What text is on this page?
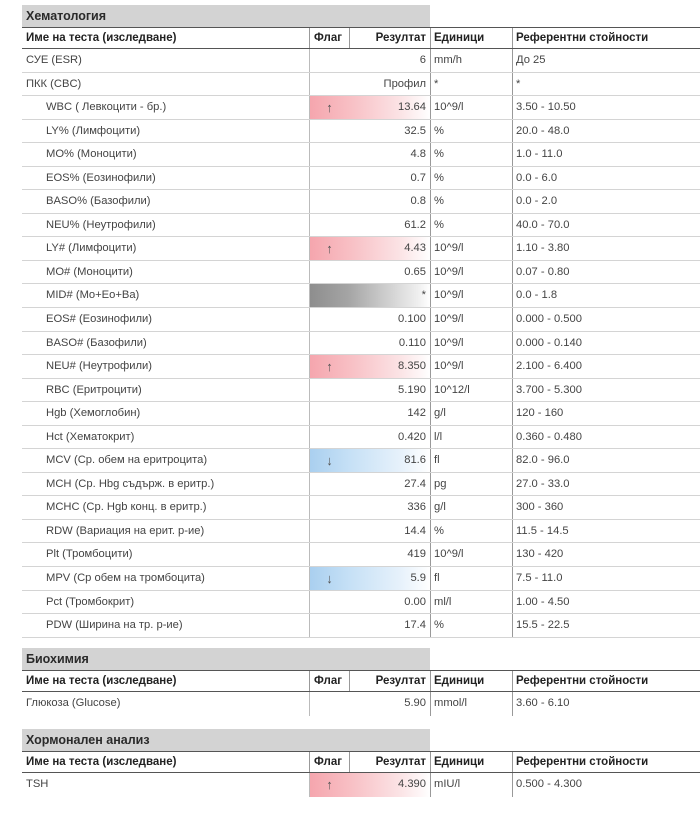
Хематология
Име на теста (изследване)	Флаг	Резултат Единици	Референтни стойности
СУЕ (ESR)	6 mm/h	До 25
ПКК (CBC)	Профил *	*
WBC ( Левкоцити - бр.)	↑	13.64 10^9/l	3.50 - 10.50
LY% (Лимфоцити)	32.5 %	20.0 - 48.0
MO% (Моноцити)	4.8 %	1.0 - 11.0
EOS% (Еозинофили)	0.7 %	0.0 - 6.0
BASO% (Базофили)	0.8 %	0.0 - 2.0
NEU% (Неутрофили)	61.2 %	40.0 - 70.0
LY# (Лимфоцити)	↑	4.43 10^9/l	1.10 - 3.80
MO# (Моноцити)	0.65 10^9/l	0.07 - 0.80
MID# (Mo+Eo+Ba)	* 10^9/l	0.0 - 1.8
EOS# (Еозинофили)	0.100 10^9/l	0.000 - 0.500
BASO# (Базофили)	0.110 10^9/l	0.000 - 0.140
NEU# (Неутрофили)	↑	8.350 10^9/l	2.100 - 6.400
RBC (Еритроцити)	5.190 10^12/l	3.700 - 5.300
Hgb (Хемоглобин)	142 g/l	120 - 160
Hct (Хематокрит)	0.420 l/l	0.360 - 0.480
MCV (Ср. обем на еритроцита)	↓	81.6 fl	82.0 - 96.0
MCH (Ср. Hbg съдърж. в еритр.)	27.4 pg	27.0 - 33.0
MCHC (Ср. Hgb конц. в еритр.)	336 g/l	300 - 360
RDW (Вариация на ерит. р-ие)	14.4 %	11.5 - 14.5
Plt (Тромбоцити)	419 10^9/l	130 - 420
MPV (Ср обем на тромбоцита)	↓	5.9 fl	7.5 - 11.0
Pct (Тромбокрит)	0.00 ml/l	1.00 - 4.50
PDW (Ширина на тр. р-ие)	17.4 %	15.5 - 22.5
Биохимия
Име на теста (изследване)	Флаг	Резултат Единици	Референтни стойности
Глюкоза (Glucose)	5.90 mmol/l	3.60 - 6.10
Хормонален анализ
Име на теста (изследване)	Флаг	Резултат Единици	Референтни стойности
TSH	↑	4.390 mIU/l	0.500 - 4.300
